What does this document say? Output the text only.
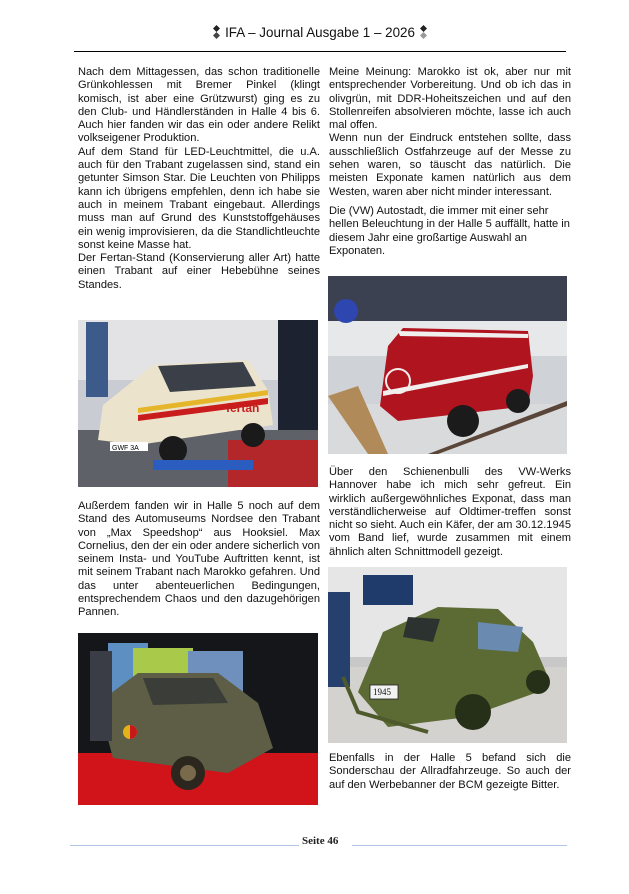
IFA – Journal Ausgabe 1 – 2026

Nach dem Mittagessen, das schon traditionelle Grünkohlessen mit Bremer Pinkel (klingt komisch, ist aber eine Grützwurst) ging es zu den Club- und Händlerständen in Halle 4 bis 6. Auch hier fanden wir das ein oder andere Relikt volkseigener Produktion.

Auf dem Stand für LED-Leuchtmittel, die u.A. auch für den Trabant zugelassen sind, stand ein getunter Simson Star. Die Leuchten von Philipps kann ich übrigens empfehlen, denn ich habe sie auch in meinem Trabant eingebaut. Allerdings muss man auf Grund des Kunststoffgehäuses ein wenig improvisieren, da die Standlichtleuchte sonst keine Masse hat.

Der Fertan-Stand (Konservierung aller Art) hatte einen Trabant auf einer Hebebühne seines Standes.

fertan
GWF 3A

Außerdem fanden wir in Halle 5 noch auf dem Stand des Automuseums Nordsee den Trabant von „Max Speedshop“ aus Hooksiel. Max Cornelius, den der ein oder andere sicherlich von seinem Insta- und YouTube Auftritten kennt, ist mit seinem Trabant nach Marokko gefahren. Und das unter abenteuerlichen Bedingungen, entsprechendem Chaos und den dazugehörigen Pannen.

Meine Meinung: Marokko ist ok, aber nur mit entsprechender Vorbereitung. Und ob ich das in olivgrün, mit DDR-Hoheitszeichen und auf den Stollenreifen absolvieren möchte, lasse ich auch mal offen.

Wenn nun der Eindruck entstehen sollte, dass ausschließlich Ostfahrzeuge auf der Messe zu sehen waren, so täuscht das natürlich. Die meisten Exponate kamen natürlich aus dem Westen, waren aber nicht minder interessant.

Die (VW) Autostadt, die immer mit einer sehr hellen Beleuchtung in der Halle 5 auffällt, hatte in diesem Jahr eine großartige Auswahl an Exponaten.

Über den Schienenbulli des VW-Werks Hannover habe ich mich sehr gefreut. Ein wirklich außergewöhnliches Exponat, dass man verständlicherweise auf Oldtimer-treffen sonst nicht so sieht. Auch ein Käfer, der am 30.12.1945 vom Band lief, wurde zusammen mit einem ähnlich alten Schnittmodell gezeigt.

1945

Ebenfalls in der Halle 5 befand sich die Sonderschau der Allradfahrzeuge. So auch der auf den Werbebanner der BCM gezeigte Bitter.

Seite 46
